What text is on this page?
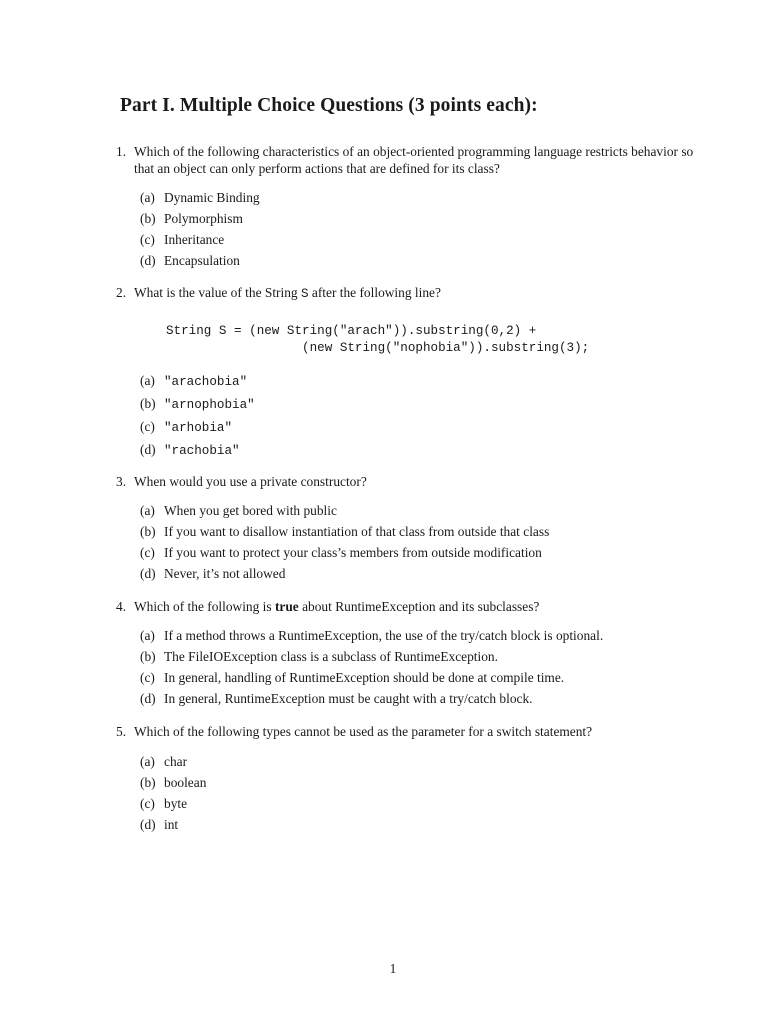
Part I. Multiple Choice Questions (3 points each):
1. Which of the following characteristics of an object-oriented programming language restricts behavior so that an object can only perform actions that are defined for its class?
(a) Dynamic Binding
(b) Polymorphism
(c) Inheritance
(d) Encapsulation
2. What is the value of the String S after the following line?
String S = (new String("arach")).substring(0,2) +
(new String("nophobia")).substring(3);
(a) "arachobia"
(b) "arnophobia"
(c) "arhobia"
(d) "rachobia"
3. When would you use a private constructor?
(a) When you get bored with public
(b) If you want to disallow instantiation of that class from outside that class
(c) If you want to protect your class’s members from outside modification
(d) Never, it’s not allowed
4. Which of the following is true about RuntimeException and its subclasses?
(a) If a method throws a RuntimeException, the use of the try/catch block is optional.
(b) The FileIOException class is a subclass of RuntimeException.
(c) In general, handling of RuntimeException should be done at compile time.
(d) In general, RuntimeException must be caught with a try/catch block.
5. Which of the following types cannot be used as the parameter for a switch statement?
(a) char
(b) boolean
(c) byte
(d) int
1
